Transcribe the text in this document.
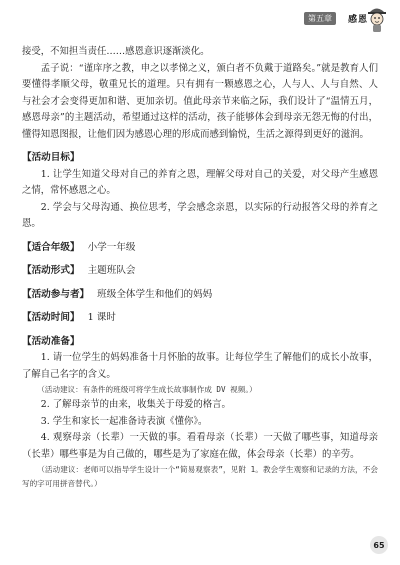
第五章	感恩

接受，不知担当责任……感恩意识逐渐淡化。

孟子说：“谨庠序之教，申之以孝悌之义，颁白者不负戴于道路矣。”就是教育人们要懂得孝顺父母，敬重兄长的道理。只有拥有一颗感恩之心，人与人、人与自然、人与社会才会变得更加和谐、更加亲切。值此母亲节来临之际，我们设计了“温情五月，感恩母亲”的主题活动，希望通过这样的活动，孩子能够体会到母亲无怨无悔的付出，懂得知恩图报，让他们因为感恩心理的形成而感到愉悦，生活之源得到更好的滋润。

【活动目标】

1. 让学生知道父母对自己的养育之恩，理解父母对自己的关爱，对父母产生感恩之情，常怀感恩之心。

2. 学会与父母沟通、换位思考，学会感念亲恩，以实际的行动报答父母的养育之恩。

【适合年级】 小学一年级
【活动形式】 主题班队会
【活动参与者】 班级全体学生和他们的妈妈
【活动时间】 1 课时
【活动准备】

1. 请一位学生的妈妈准备十月怀胎的故事。让每位学生了解他们的成长小故事，了解自己名字的含义。

（活动建议：有条件的班级可将学生成长故事制作成 DV 视频。）

2. 了解母亲节的由来，收集关于母爱的格言。

3. 学生和家长一起准备诗表演《懂你》。

4. 观察母亲（长辈）一天做的事。看看母亲（长辈）一天做了哪些事，知道母亲（长辈）哪些事是为自己做的，哪些是为了家庭在做，体会母亲（长辈）的辛劳。

（活动建议：老师可以指导学生设计一个“简易观察表”，见附 1。教会学生观察和记录的方法，不会写的字可用拼音替代。）

65
